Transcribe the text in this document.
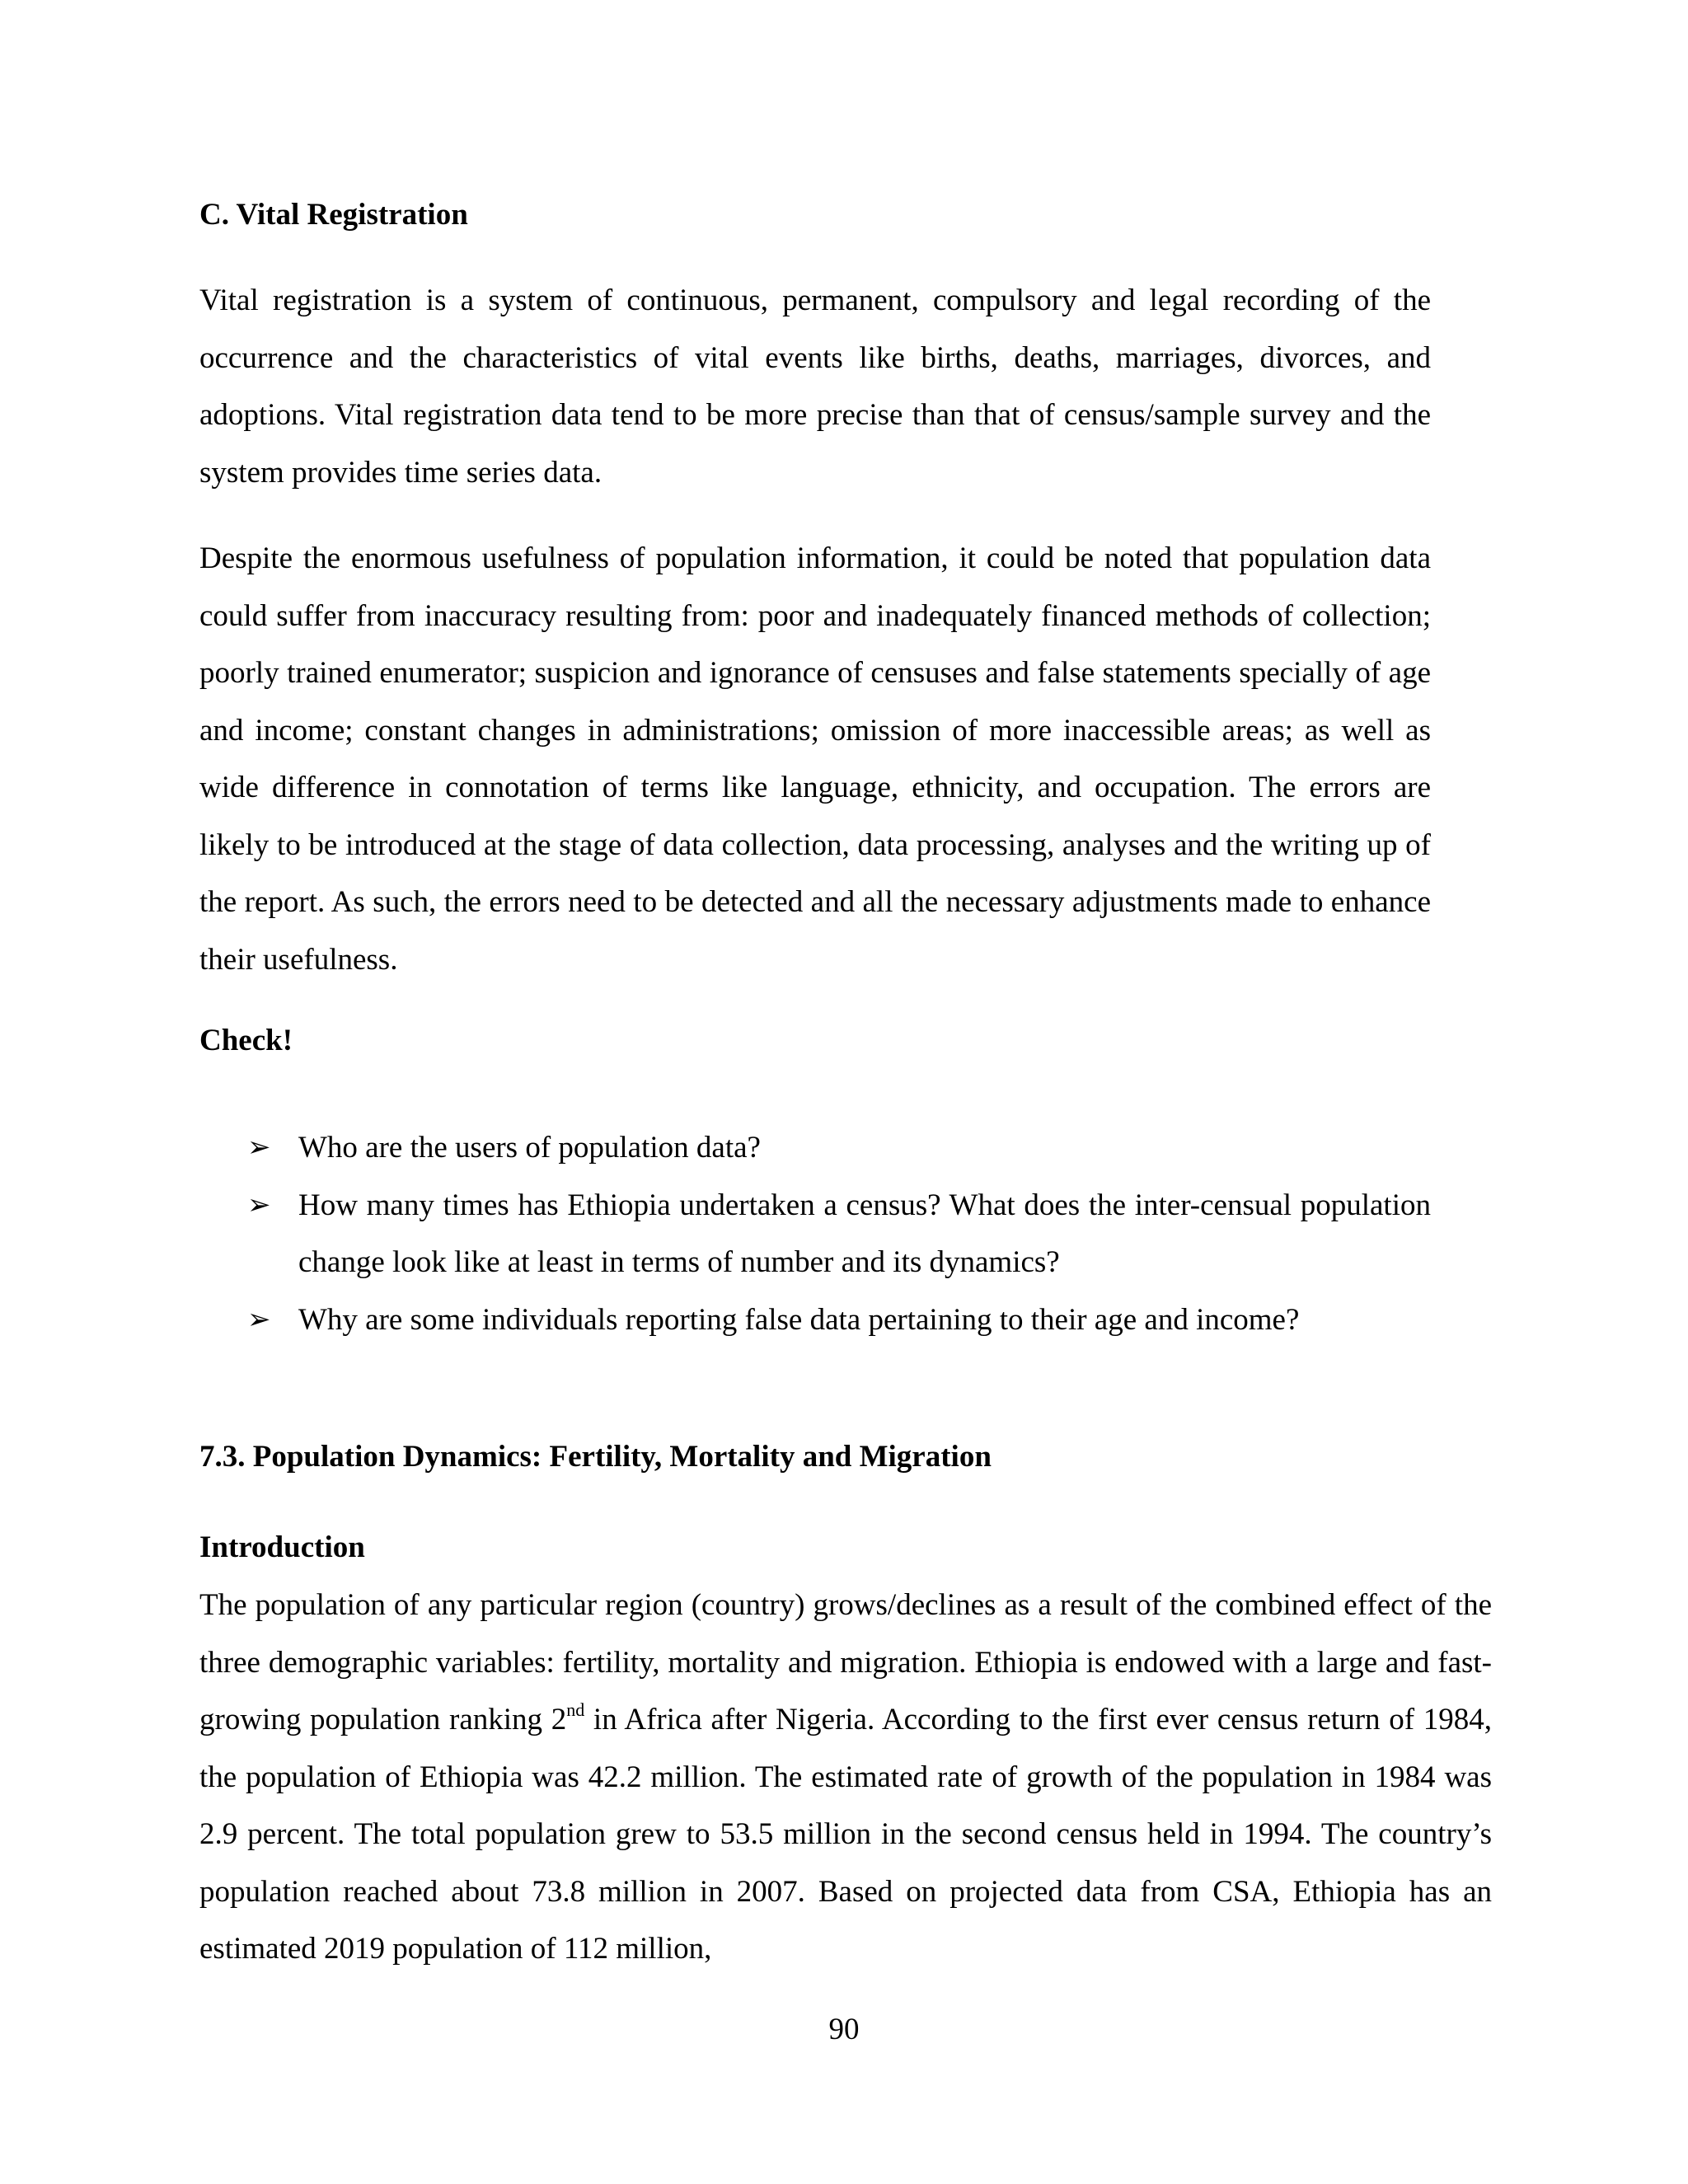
C. Vital Registration

Vital registration is a system of continuous, permanent, compulsory and legal recording of the occurrence and the characteristics of vital events like births, deaths, marriages, divorces, and adoptions. Vital registration data tend to be more precise than that of census/sample survey and the system provides time series data.

Despite the enormous usefulness of population information, it could be noted that population data could suffer from inaccuracy resulting from: poor and inadequately financed methods of collection; poorly trained enumerator; suspicion and ignorance of censuses and false statements specially of age and income; constant changes in administrations; omission of more inaccessible areas; as well as wide difference in connotation of terms like language, ethnicity, and occupation. The errors are likely to be introduced at the stage of data collection, data processing, analyses and the writing up of the report. As such, the errors need to be detected and all the necessary adjustments made to enhance their usefulness.

Check!
➢ Who are the users of population data?
➢ How many times has Ethiopia undertaken a census? What does the inter-censual population change look like at least in terms of number and its dynamics?
➢ Why are some individuals reporting false data pertaining to their age and income?
7.3. Population Dynamics: Fertility, Mortality and Migration
Introduction

The population of any particular region (country) grows/declines as a result of the combined effect of the three demographic variables: fertility, mortality and migration. Ethiopia is endowed with a large and fast-growing population ranking 2nd in Africa after Nigeria. According to the first ever census return of 1984, the population of Ethiopia was 42.2 million. The estimated rate of growth of the population in 1984 was 2.9 percent. The total population grew to 53.5 million in the second census held in 1994. The country’s population reached about 73.8 million in 2007. Based on projected data from CSA, Ethiopia has an estimated 2019 population of 112 million,

90
